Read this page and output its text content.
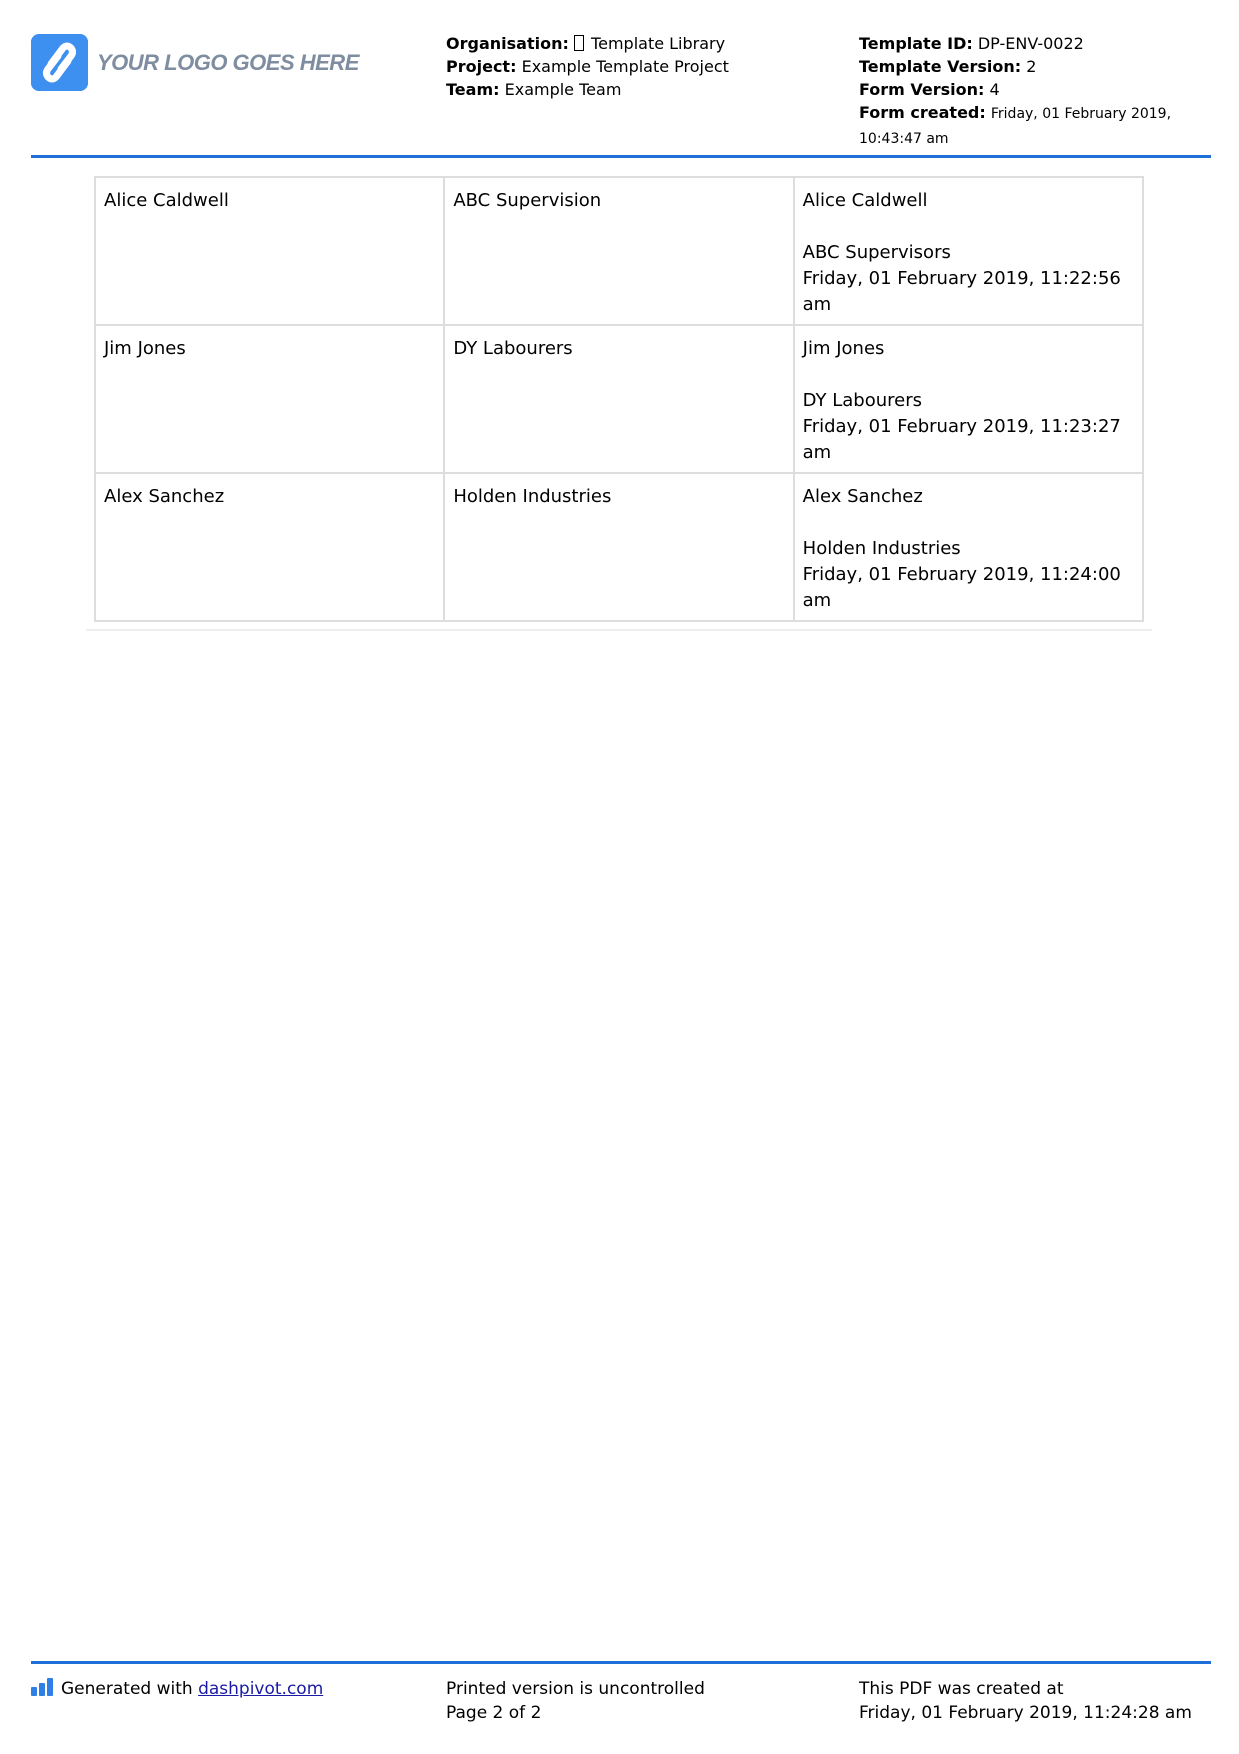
YOUR LOGO GOES HERE
Organisation: Template Library
Project: Example Template Project
Team: Example Team
Template ID: DP-ENV-0022
Template Version: 2
Form Version: 4
Form created: Friday, 01 February 2019, 10:43:47 am
Alice Caldwell	ABC Supervision	Alice Caldwell
ABC Supervisors
Friday, 01 February 2019, 11:22:56 am

Jim Jones	DY Labourers	Jim Jones
DY Labourers
Friday, 01 February 2019, 11:23:27 am

Alex Sanchez	Holden Industries	Alex Sanchez
Holden Industries
Friday, 01 February 2019, 11:24:00 am
Generated with dashpivot.com	Printed version is uncontrolled
Page 2 of 2
This PDF was created at
Friday, 01 February 2019, 11:24:28 am
